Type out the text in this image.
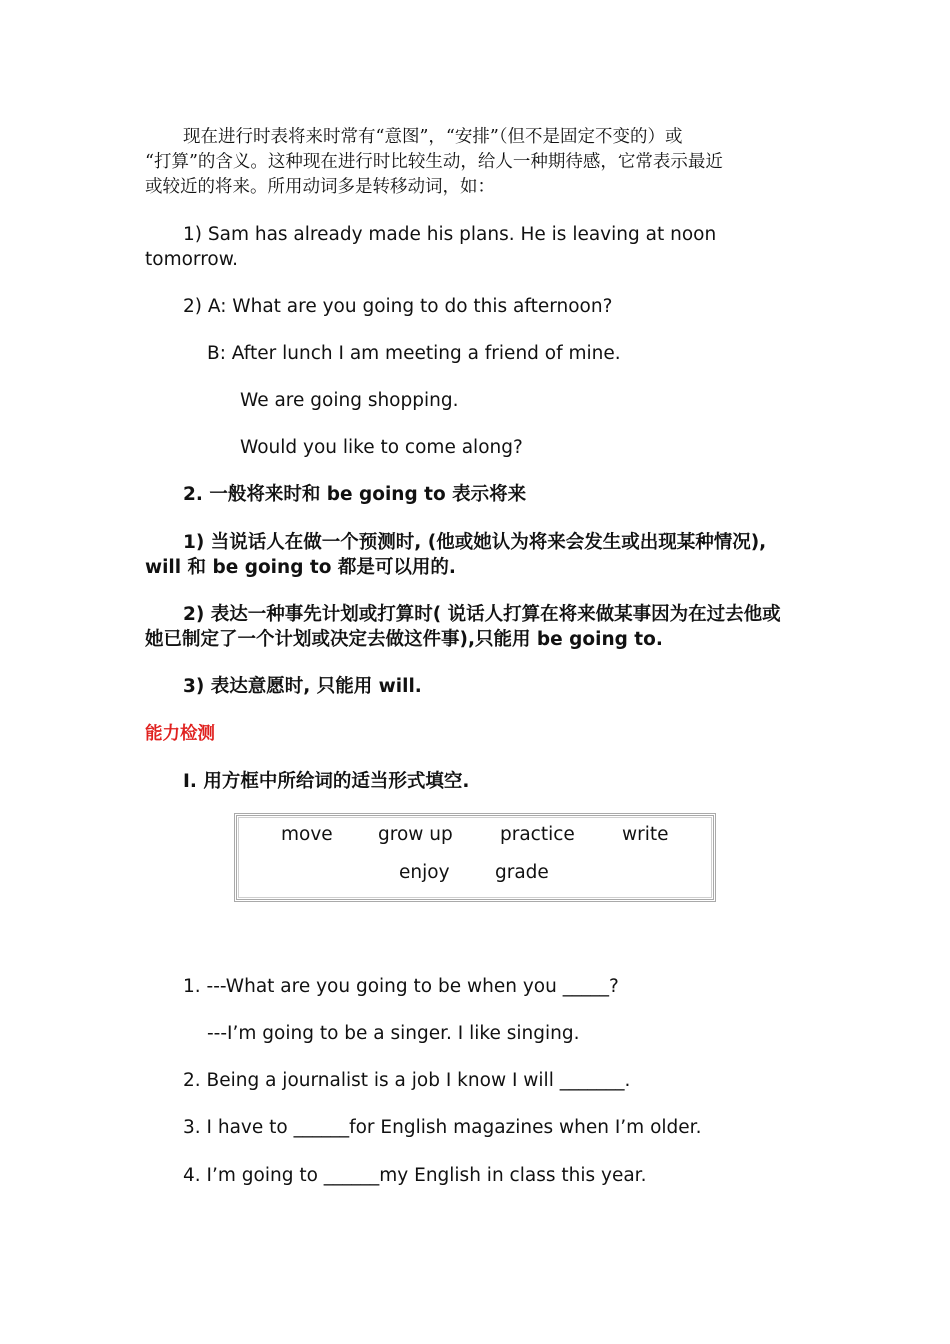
现在进行时表将来时常有“意图”，“安排”（但不是固定不变的）或
“打算”的含义。这种现在进行时比较生动，给人一种期待感，它常表示最近
或较近的将来。所用动词多是转移动词，如：
1) Sam has already made his plans. He is leaving at noon
tomorrow.
2) A: What are you going to do this afternoon?
B: After lunch I am meeting a friend of mine.
We are going shopping.
Would you like to come along?
2. 一般将来时和 be going to 表示将来
1) 当说话人在做一个预测时, (他或她认为将来会发生或出现某种情况),
will 和 be going to 都是可以用的.
2) 表达一种事先计划或打算时( 说话人打算在将来做某事因为在过去他或
她已制定了一个计划或决定去做这件事),只能用 be going to.
3) 表达意愿时, 只能用 will.
能力检测
I. 用方框中所给词的适当形式填空.
move grow up	practice	write
enjoy grade
1. ---What are you going to be when you _____?
---I’m going to be a singer. I like singing.
2. Being a journalist is a job I know I will _______.
3. I have to ______for English magazines when I’m older.
4. I’m going to ______my English in class this year.
